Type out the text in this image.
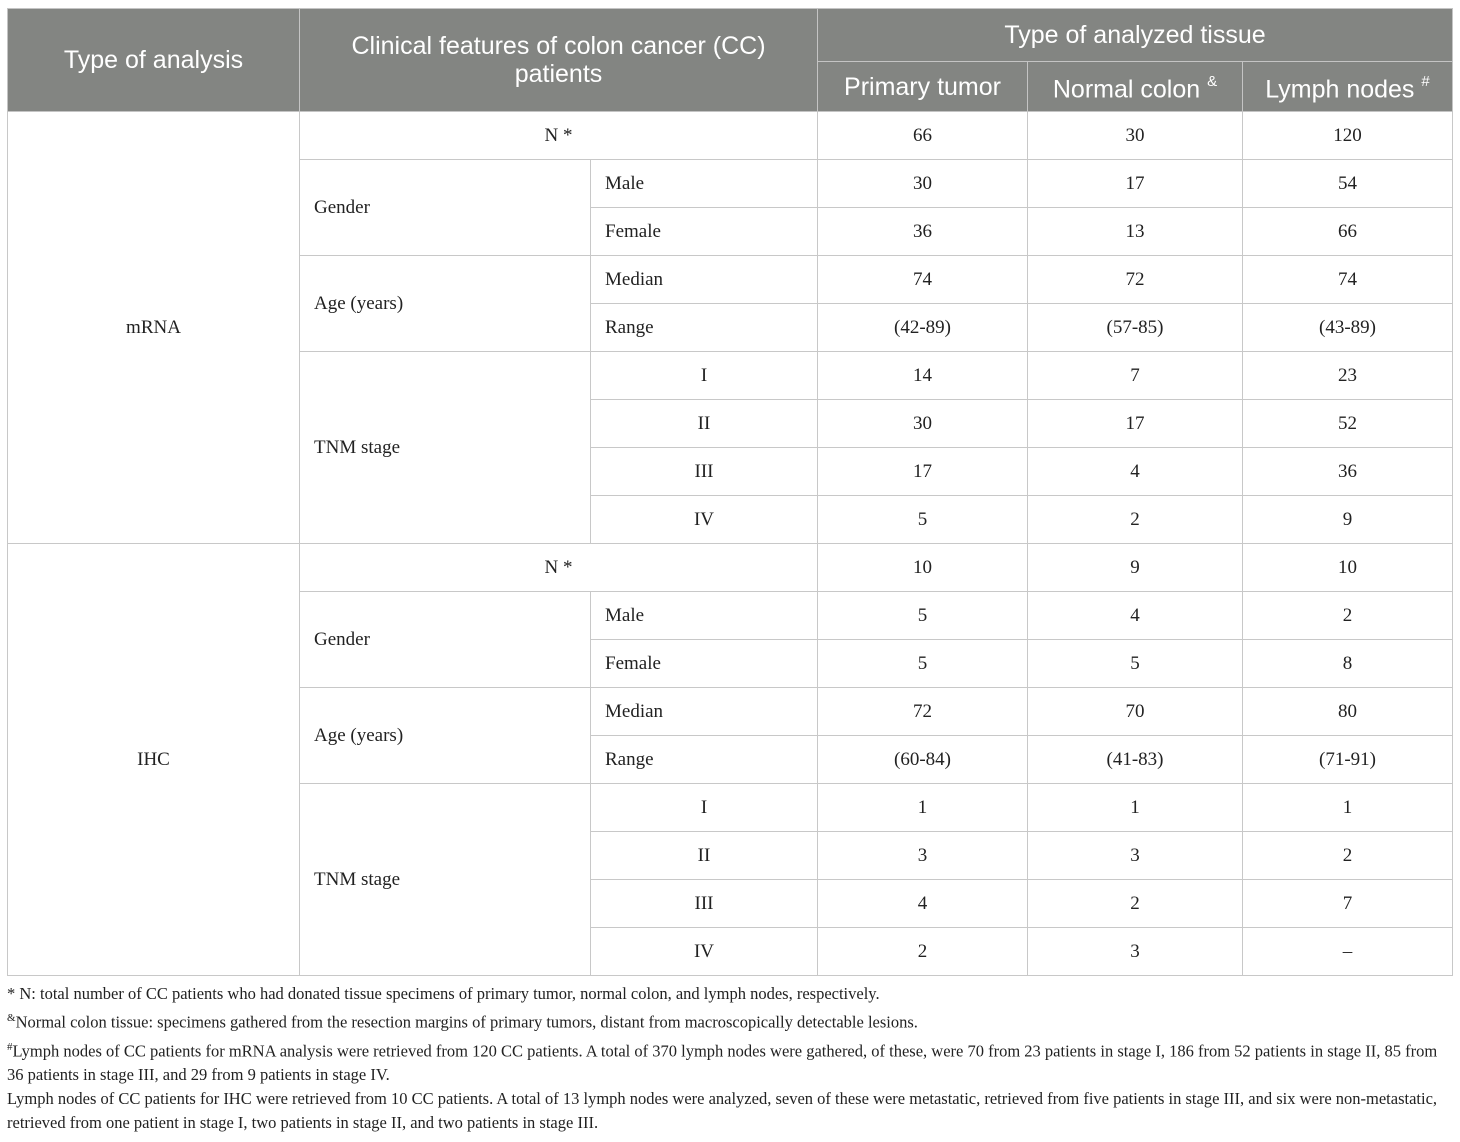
Type of analysis	Clinical features of colon cancer (CC) patients		Type of analyzed tissue		
			Primary tumor	Normal colon &	Lymph nodes #
mRNA	N *		66	30	120
	Gender	Male	30	17	54
		Female	36	13	66
	Age (years)	Median	74	72	74
		Range	(42-89)	(57-85)	(43-89)
	TNM stage	I	14	7	23
		II	30	17	52
		III	17	4	36
		IV	5	2	9
IHC	N *		10	9	10
	Gender	Male	5	4	2
		Female	5	5	8
	Age (years)	Median	72	70	80
		Range	(60-84)	(41-83)	(71-91)
	TNM stage	I	1	1	1
		II	3	3	2
		III	4	2	7
		IV	2	3	–

* N: total number of CC patients who had donated tissue specimens of primary tumor, normal colon, and lymph nodes, respectively.

&Normal colon tissue: specimens gathered from the resection margins of primary tumors, distant from macroscopically detectable lesions.

#Lymph nodes of CC patients for mRNA analysis were retrieved from 120 CC patients. A total of 370 lymph nodes were gathered, of these, were 70 from 23 patients in stage I, 186 from 52 patients in stage II, 85 from 36 patients in stage III, and 29 from 9 patients in stage IV.

Lymph nodes of CC patients for IHC were retrieved from 10 CC patients. A total of 13 lymph nodes were analyzed, seven of these were metastatic, retrieved from five patients in stage III, and six were non-metastatic, retrieved from one patient in stage I, two patients in stage II, and two patients in stage III.
